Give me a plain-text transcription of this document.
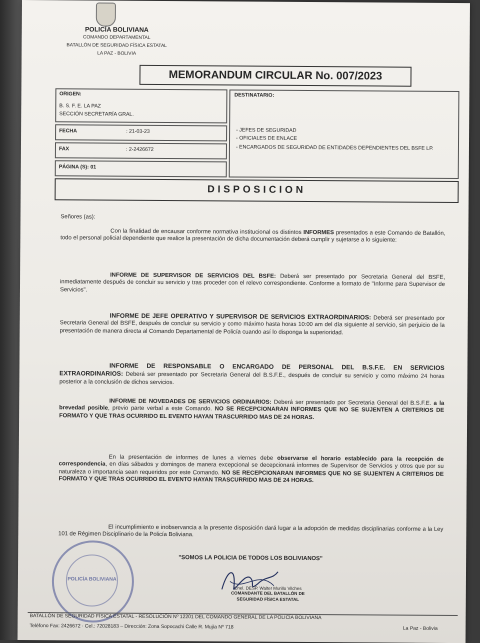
POLICÍA BOLIVIANA
COMANDO DEPARTAMENTAL
BATALLÓN DE SEGURIDAD FÍSICA ESTATAL
LA PAZ - BOLIVIA
MEMORANDUM CIRCULAR No. 007/2023
ORIGEN:
B. S. F. E. LA PAZ
SECCIÓN SECRETARÍA GRAL.
FECHA	: 21-03-23
FAX	: 2-2426672
PÁGINA (S): 01
DESTINATARIO:
- JEFES DE SEGURIDAD
- OFICIALES DE ENLACE
- ENCARGADOS DE SEGURIDAD DE ENTIDADES DEPENDIENTES DEL BSFE LP.
DISPOSICION
Señores (as):
Con la finalidad de encausar conforme normativa institucional os distintos INFORMES presentados a este Comando de Batallón, todo el personal policial dependiente que realice la presentación de dicha documentación deberá cumplir y sujetarse a lo siguiente:
INFORME DE SUPERVISOR DE SERVICIOS DEL BSFE: Deberá ser presentado por Secretaria General del BSFE, inmediatamente después de concluir su servicio y tras proceder con el relevo correspondiente. Conforme a formato de "Informe para Supervisor de Servicios".
INFORME DE JEFE OPERATIVO Y SUPERVISOR DE SERVICIOS EXTRAORDINARIOS: Deberá ser presentado por Secretaria General del BSFE, después de concluir su servicio y como máximo hasta horas 10:00 am del día siguiente al servicio, sin perjuicio de la presentación de manera directa al Comando Departamental de Policía cuando así lo disponga la superioridad.
INFORME DE RESPONSABLE O ENCARGADO DE PERSONAL DEL B.S.F.E. EN SERVICIOS EXTRAORDINARIOS: Deberá ser presentado por Secretaria General del B.S.F.E., después de concluir su servicio y como máximo 24 horas posterior a la conclusión de dichos servicios.
INFORME DE NOVEDADES DE SERVICIOS ORDINARIOS: Deberá ser presentado por Secretaria General del B.S.F.E. a la brevedad posible, previo parte verbal a este Comando. NO SE RECEPCIONARAN INFORMES QUE NO SE SUJENTEN A CRITERIOS DE FORMATO Y QUE TRAS OCURRIDO EL EVENTO HAYAN TRASCURRIDO MAS DE 24 HORAS.
En la presentación de informes de lunes a viernes debe observarse el horario establecido para la recepción de correspondencia, en días sábados y domingos de manera excepcional se decepcionará informes de Supervisor de Servicios y otros que por su naturaleza o importancia sean requeridos por este Comando. NO SE RECEPCIONARAN INFORMES QUE NO SE SUJENTEN A CRITERIOS DE FORMATO Y QUE TRAS OCURRIDO EL EVENTO HAYAN TRASCURRIDO MAS DE 24 HORAS.
El incumplimiento e inobservancia a la presente disposición dará lugar a la adopción de medidas disciplinarias conforme a la Ley 101 de Régimen Disciplinario de la Policía Boliviana.
"SOMOS LA POLICIA DE TODOS LOS BOLIVIANOS"
POLICÍA BOLIVIANA
Cnel. DESP. Walter Murillo Vilches
COMANDANTE DEL BATALLÓN DE
SEGURIDAD FÍSICA ESTATAL
BATALLÓN DE SEGURIDAD FÍSICA ESTATAL - RESOLUCIÓN Nº 12201 DEL COMANDO GENERAL DE LA POLICÍA BOLIVIANA
Teléfono Fax: 2426672 · Cel.: 72028183 – Dirección: Zona Sopocachi Calle R. Mujía Nº 718	La Paz - Bolivia
